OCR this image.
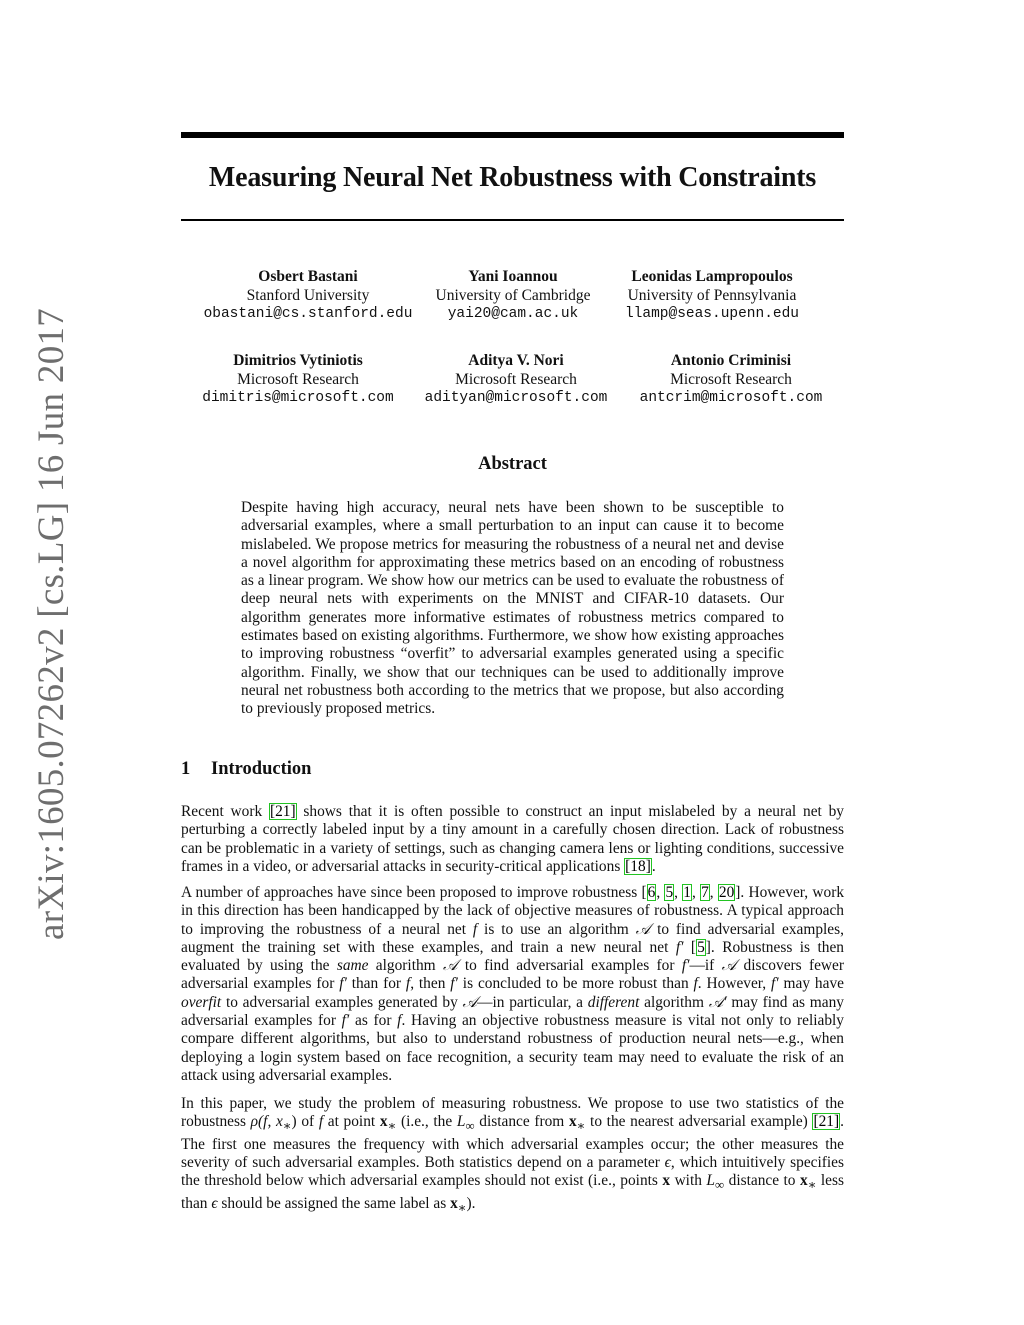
arXiv:1605.07262v2 [cs.LG] 16 Jun 2017
Measuring Neural Net Robustness with Constraints
Osbert Bastani
Stanford University
obastani@cs.stanford.edu
Yani Ioannou
University of Cambridge
yai20@cam.ac.uk
Leonidas Lampropoulos
University of Pennsylvania
llamp@seas.upenn.edu
Dimitrios Vytiniotis
Microsoft Research
dimitris@microsoft.com
Aditya V. Nori
Microsoft Research
adityan@microsoft.com
Antonio Criminisi
Microsoft Research
antcrim@microsoft.com
Abstract

Despite having high accuracy, neural nets have been shown to be susceptible to adversarial examples, where a small perturbation to an input can cause it to become mislabeled. We propose metrics for measuring the robustness of a neural net and devise a novel algorithm for approximating these metrics based on an encoding of robustness as a linear program. We show how our metrics can be used to evaluate the robustness of deep neural nets with experiments on the MNIST and CIFAR-10 datasets. Our algorithm generates more informative estimates of robustness metrics compared to estimates based on existing algorithms. Furthermore, we show how existing approaches to improving robustness “overfit” to adversarial examples generated using a specific algorithm. Finally, we show that our techniques can be used to additionally improve neural net robustness both according to the metrics that we propose, but also according to previously proposed metrics.

1 Introduction

Recent work [21] shows that it is often possible to construct an input mislabeled by a neural net by perturbing a correctly labeled input by a tiny amount in a carefully chosen direction. Lack of robustness can be problematic in a variety of settings, such as changing camera lens or lighting conditions, successive frames in a video, or adversarial attacks in security-critical applications [18].

A number of approaches have since been proposed to improve robustness [6, 5, 1, 7, 20]. However, work in this direction has been handicapped by the lack of objective measures of robustness. A typical approach to improving the robustness of a neural net f is to use an algorithm 𝒜 to find adversarial examples, augment the training set with these examples, and train a new neural net f′ [5]. Robustness is then evaluated by using the same algorithm 𝒜 to find adversarial examples for f′—if 𝒜 discovers fewer adversarial examples for f′ than for f, then f′ is concluded to be more robust than f. However, f′ may have overfit to adversarial examples generated by 𝒜—in particular, a different algorithm 𝒜′ may find as many adversarial examples for f′ as for f. Having an objective robustness measure is vital not only to reliably compare different algorithms, but also to understand robustness of production neural nets—e.g., when deploying a login system based on face recognition, a security team may need to evaluate the risk of an attack using adversarial examples.

In this paper, we study the problem of measuring robustness. We propose to use two statistics of the robustness ρ(f, $x_∗$) of f at point $x_∗$ (i.e., the $L_\infty$ distance from $x_∗$ to the nearest adversarial example) [21]. The first one measures the frequency with which adversarial examples occur; the other measures the severity of such adversarial examples. Both statistics depend on a parameter ϵ, which intuitively specifies the threshold below which adversarial examples should not exist (i.e., points x with $L_\infty$ distance to $x_∗$ less than ϵ should be assigned the same label as $x_∗$).
